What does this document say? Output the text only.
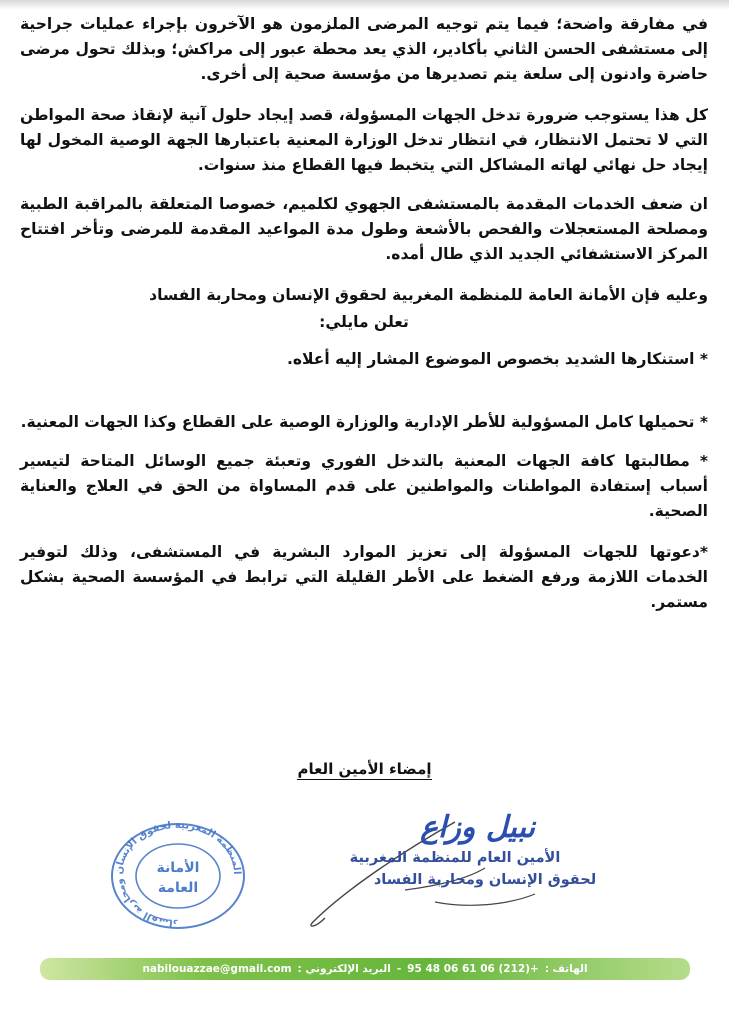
في مفارقة واضحة؛ فيما يتم توجيه المرضى الملزمون هو الآخرون بإجراء عمليات جراحية إلى مستشفى الحسن الثاني بأكادير، الذي يعد محطة عبور إلى مراكش؛ وبذلك تحول مرضى حاضرة وادنون إلى سلعة يتم تصديرها من مؤسسة صحية إلى أخرى.

كل هذا يستوجب ضرورة تدخل الجهات المسؤولة، قصد إيجاد حلول آنية لإنقاذ صحة المواطن التي لا تحتمل الانتظار، في انتظار تدخل الوزارة المعنية باعتبارها الجهة الوصية المخول لها إيجاد حل نهائي لهاته المشاكل التي يتخبط فيها القطاع منذ سنوات.

ان ضعف الخدمات المقدمة بالمستشفى الجهوي لكلميم، خصوصا المتعلقة بالمراقبة الطبية ومصلحة المستعجلات والفحص بالأشعة وطول مدة المواعيد المقدمة للمرضى وتأخر افتتاح المركز الاستشفائي الجديد الذي طال أمده.

وعليه فإن الأمانة العامة للمنظمة المغربية لحقوق الإنسان ومحاربة الفساد

تعلن مايلي:

* استنكارها الشديد بخصوص الموضوع المشار إليه أعلاه.

* تحميلها كامل المسؤولية للأطر الإدارية والوزارة الوصية على القطاع وكذا الجهات المعنية.

* مطالبتها كافة الجهات المعنية بالتدخل الفوري وتعبئة جميع الوسائل المتاحة لتيسير أسباب إستفادة المواطنات والمواطنين على قدم المساواة من الحق في العلاج والعناية الصحية.

*دعوتها للجهات المسؤولة إلى تعزيز الموارد البشرية في المستشفى، وذلك لتوفير الخدمات اللازمة ورفع الضغط على الأطر القليلة التي ترابط في المؤسسة الصحية بشكل مستمر.

إمضاء الأمين العام
المنظمة المغربية لحقوق الإنسان ومحاربة الفساد
الأمانة
العامة
نبيل وزاع
الأمين العام للمنظمة المغربية
لحقوق الإنسان ومحاربة الفساد
الهاتف :
95 48 06 61 06 (212)+
-
البريد الإلكتروني :
nabilouazzae@gmail.com
